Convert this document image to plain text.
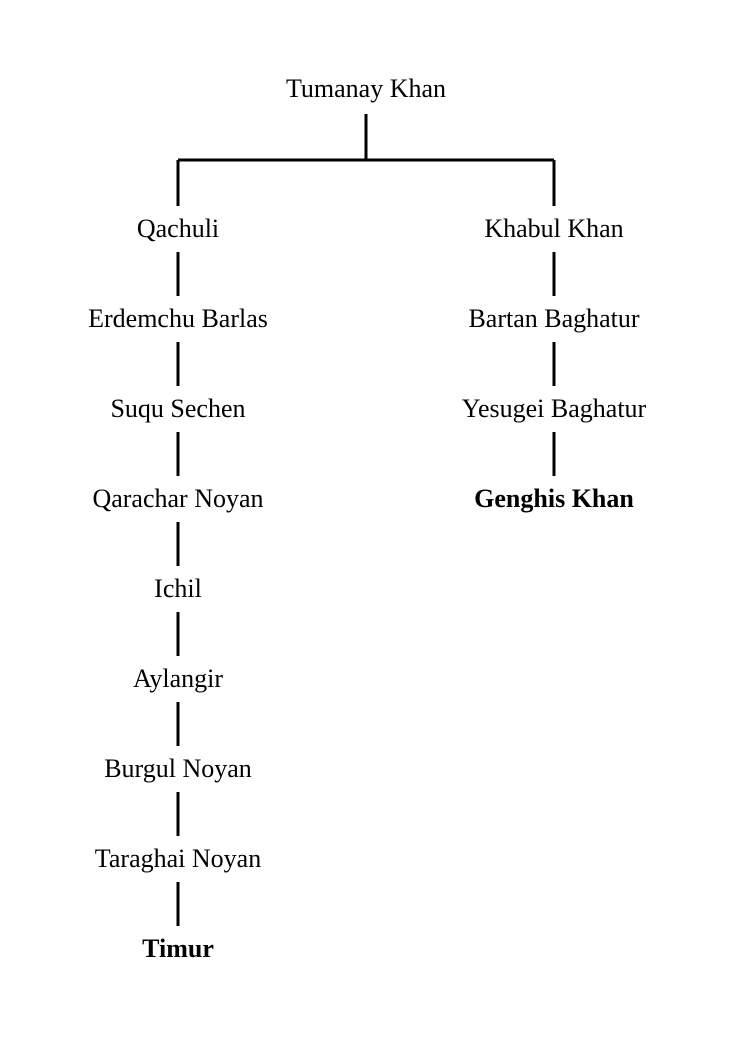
Tumanay Khan
Qachuli
Erdemchu Barlas
Suqu Sechen
Qarachar Noyan
Ichil
Aylangir
Burgul Noyan
Taraghai Noyan
Timur
Khabul Khan
Bartan Baghatur
Yesugei Baghatur
Genghis Khan
